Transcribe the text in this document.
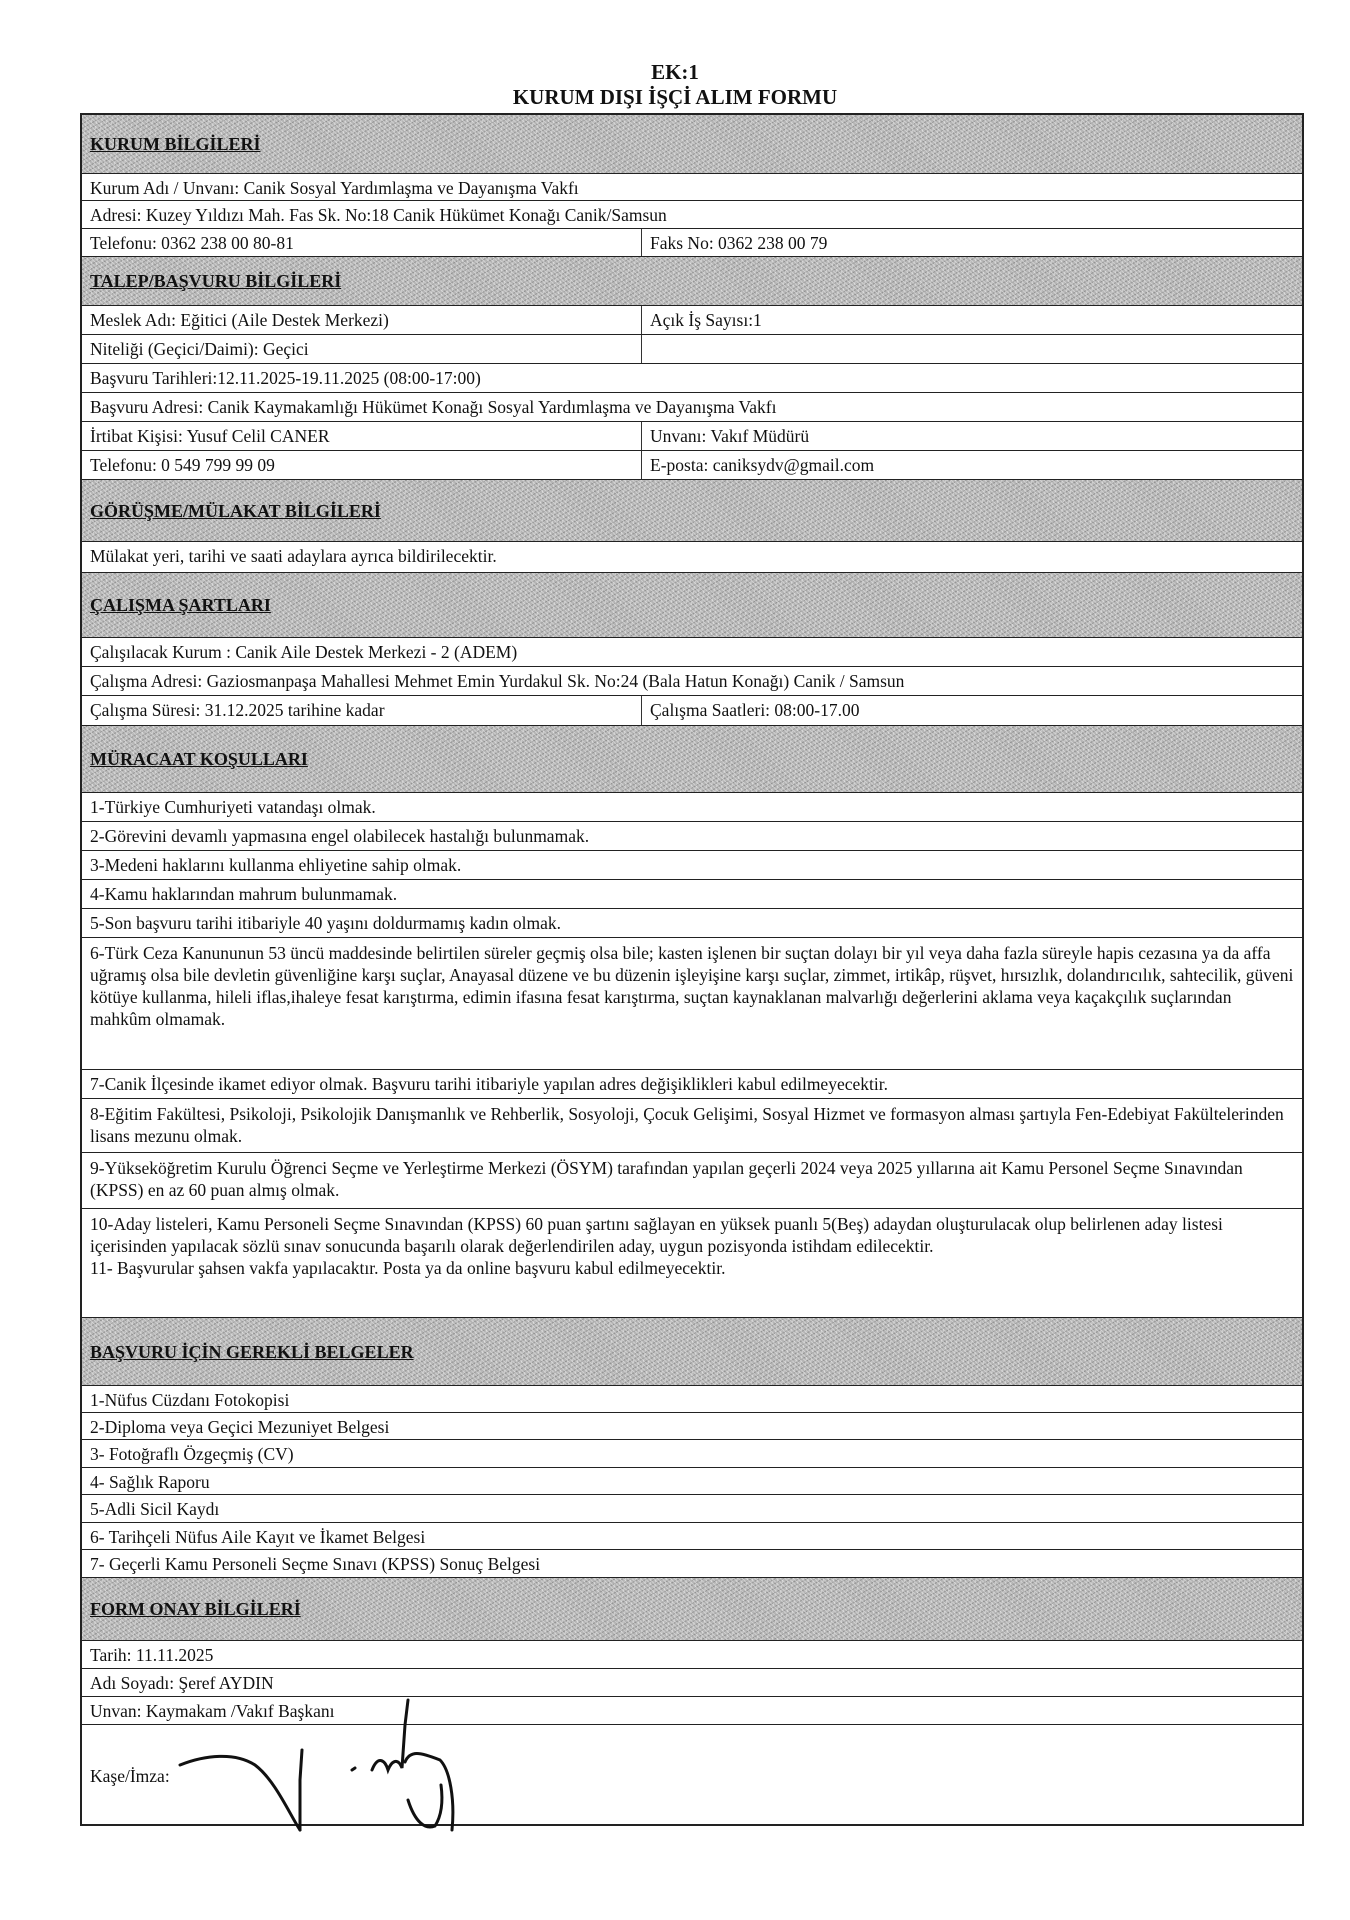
EK:1
KURUM DIŞI İŞÇİ ALIM FORMU
KURUM BİLGİLERİ
Kurum Adı / Unvanı: Canik Sosyal Yardımlaşma ve Dayanışma Vakfı
Adresi: Kuzey Yıldızı Mah. Fas Sk. No:18 Canik Hükümet Konağı Canik/Samsun
Telefonu: 0362 238 00 80-81	Faks No: 0362 238 00 79
TALEP/BAŞVURU BİLGİLERİ
Meslek Adı: Eğitici (Aile Destek Merkezi)	Açık İş Sayısı:1
Niteliği (Geçici/Daimi): Geçici
Başvuru Tarihleri:12.11.2025-19.11.2025 (08:00-17:00)
Başvuru Adresi: Canik Kaymakamlığı Hükümet Konağı Sosyal Yardımlaşma ve Dayanışma Vakfı
İrtibat Kişisi: Yusuf Celil CANER	Unvanı: Vakıf Müdürü
Telefonu: 0 549 799 99 09	E-posta: caniksydv@gmail.com
GÖRÜŞME/MÜLAKAT BİLGİLERİ
Mülakat yeri, tarihi ve saati adaylara ayrıca bildirilecektir.
ÇALIŞMA ŞARTLARI
Çalışılacak Kurum : Canik Aile Destek Merkezi - 2 (ADEM)
Çalışma Adresi: Gaziosmanpaşa Mahallesi Mehmet Emin Yurdakul Sk. No:24 (Bala Hatun Konağı) Canik / Samsun
Çalışma Süresi: 31.12.2025 tarihine kadar	Çalışma Saatleri: 08:00-17.00
MÜRACAAT KOŞULLARI
1-Türkiye Cumhuriyeti vatandaşı olmak.
2-Görevini devamlı yapmasına engel olabilecek hastalığı bulunmamak.
3-Medeni haklarını kullanma ehliyetine sahip olmak.
4-Kamu haklarından mahrum bulunmamak.
5-Son başvuru tarihi itibariyle 40 yaşını doldurmamış kadın olmak.
6-Türk Ceza Kanununun 53 üncü maddesinde belirtilen süreler geçmiş olsa bile; kasten işlenen bir suçtan dolayı bir yıl veya daha fazla süreyle hapis cezasına ya da affa uğramış olsa bile devletin güvenliğine karşı suçlar, Anayasal düzene ve bu düzenin işleyişine karşı suçlar, zimmet, irtikâp, rüşvet, hırsızlık, dolandırıcılık, sahtecilik, güveni kötüye kullanma, hileli iflas,ihaleye fesat karıştırma, edimin ifasına fesat karıştırma, suçtan kaynaklanan malvarlığı değerlerini aklama veya kaçakçılık suçlarından mahkûm olmamak.
7-Canik İlçesinde ikamet ediyor olmak. Başvuru tarihi itibariyle yapılan adres değişiklikleri kabul edilmeyecektir.
8-Eğitim Fakültesi, Psikoloji, Psikolojik Danışmanlık ve Rehberlik, Sosyoloji, Çocuk Gelişimi, Sosyal Hizmet ve formasyon alması şartıyla Fen-Edebiyat Fakültelerinden lisans mezunu olmak.
9-Yükseköğretim Kurulu Öğrenci Seçme ve Yerleştirme Merkezi (ÖSYM) tarafından yapılan geçerli 2024 veya 2025 yıllarına ait Kamu Personel Seçme Sınavından (KPSS) en az 60 puan almış olmak.
10-Aday listeleri, Kamu Personeli Seçme Sınavından (KPSS) 60 puan şartını sağlayan en yüksek puanlı 5(Beş) adaydan oluşturulacak olup belirlenen aday listesi içerisinden yapılacak sözlü sınav sonucunda başarılı olarak değerlendirilen aday, uygun pozisyonda istihdam edilecektir.
11- Başvurular şahsen vakfa yapılacaktır. Posta ya da online başvuru kabul edilmeyecektir.
BAŞVURU İÇİN GEREKLİ BELGELER
1-Nüfus Cüzdanı Fotokopisi
2-Diploma veya Geçici Mezuniyet Belgesi
3- Fotoğraflı Özgeçmiş (CV)
4- Sağlık Raporu
5-Adli Sicil Kaydı
6- Tarihçeli Nüfus Aile Kayıt ve İkamet Belgesi
7- Geçerli Kamu Personeli Seçme Sınavı (KPSS) Sonuç Belgesi
FORM ONAY BİLGİLERİ
Tarih: 11.11.2025
Adı Soyadı: Şeref AYDIN
Unvan: Kaymakam /Vakıf Başkanı
Kaşe/İmza:
